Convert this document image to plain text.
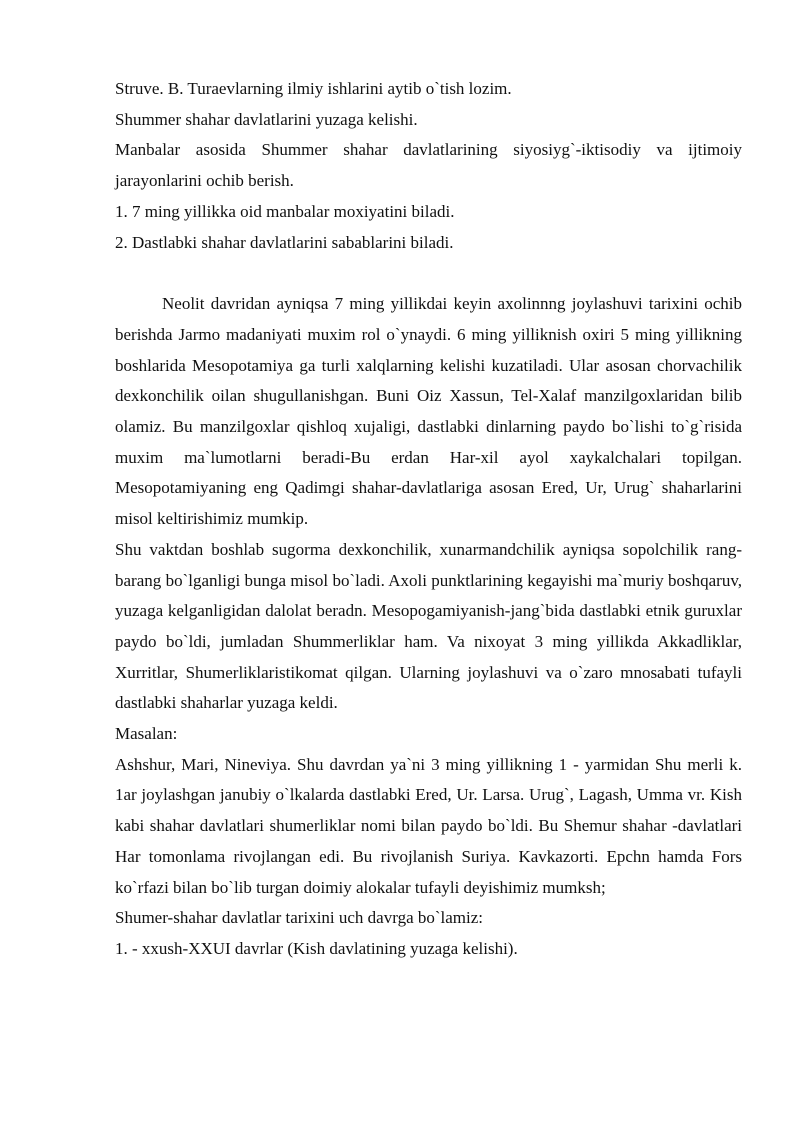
Struve. B. Turaevlarning ilmiy ishlarini aytib o`tish lozim.
Shummer shahar davlatlarini yuzaga kelishi.
Manbalar asosida Shummer shahar davlatlarining siyosiyg`-iktisodiy va ijtimoiy jarayonlarini ochib berish.
1. 7 ming yillikka oid manbalar moxiyatini biladi.
2. Dastlabki shahar davlatlarini sabablarini biladi.
Neolit davridan ayniqsa 7 ming yillikdai keyin axolinnng joylashuvi tarixini ochib berishda Jarmo madaniyati muxim rol o`ynaydi. 6 ming yilliknish oxiri 5 ming yillikning boshlarida Mesopotamiya ga turli xalqlarning kelishi kuzatiladi. Ular asosan chorvachilik dexkonchilik oilan shugullanishgan. Buni Oiz Xassun, Tel-Xalaf manzilgoxlaridan bilib olamiz. Bu manzilgoxlar qishloq xujaligi, dastlabki dinlarning paydo bo`lishi to`g`risida muxim ma`lumotlarni beradi-Bu erdan Har-xil ayol xaykalchalari topilgan. Mesopotamiyaning eng Qadimgi shahar-davlatlariga asosan Ered, Ur, Urug` shaharlarini misol keltirishimiz mumkip.
Shu vaktdan boshlab sugorma dexkonchilik, xunarmandchilik ayniqsa sopolchilik rang-barang bo`lganligi bunga misol bo`ladi. Axoli punktlarining kegayishi ma`muriy boshqaruv, yuzaga kelganligidan dalolat beradn. Mesopogamiyanish-jang`bida dastlabki etnik guruxlar paydo bo`ldi, jumladan Shummerliklar ham. Va nixoyat 3 ming yillikda Akkadliklar, Xurritlar, Shumerliklaristikomat qilgan. Ularning joylashuvi va o`zaro mnosabati tufayli dastlabki shaharlar yuzaga keldi.
Masalan:
Ashshur, Mari, Nineviya. Shu davrdan ya`ni 3 ming yillikning 1 - yarmidan Shu merli k. 1ar joylashgan janubiy o`lkalarda dastlabki Ered, Ur. Larsa. Urug`, Lagash, Umma vr. Kish kabi shahar davlatlari shumerliklar nomi bilan paydo bo`ldi. Bu Shemur shahar -davlatlari Har tomonlama rivojlangan edi. Bu rivojlanish Suriya. Kavkazorti. Epchn hamda Fors ko`rfazi bilan bo`lib turgan doimiy alokalar tufayli deyishimiz mumksh;
Shumer-shahar davlatlar tarixini uch davrga bo`lamiz:
1. - xxush-XXUI davrlar (Kish davlatining yuzaga kelishi).
